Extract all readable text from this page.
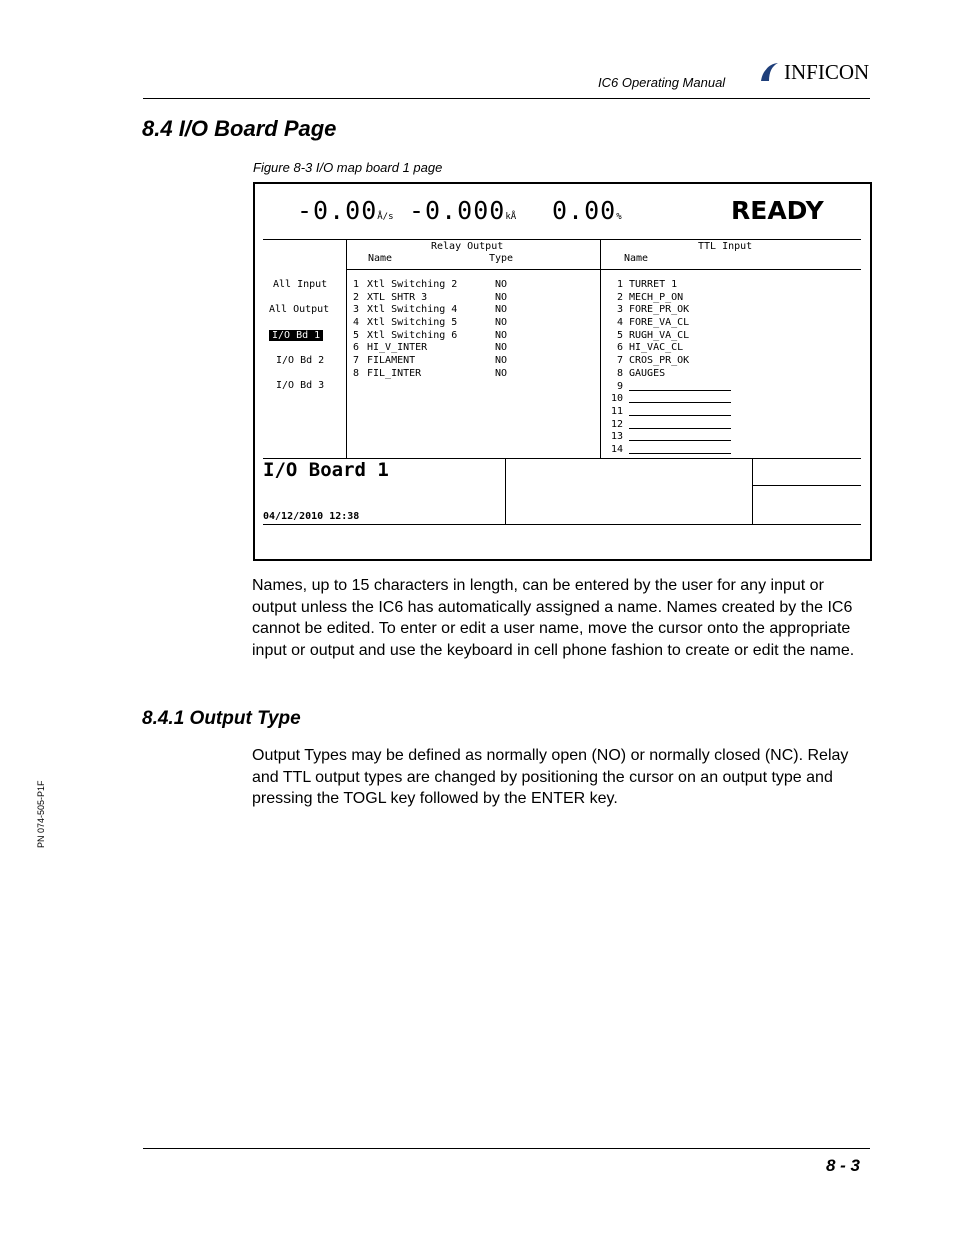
IC6 Operating Manual	INFICON
8.4 I/O Board Page
Figure 8-3 I/O map board 1 page
-0.00Å/s -0.000kÅ 0.00%	READY
All Input
All Output
I/O Bd 1
I/O Bd 2
I/O Bd 3
Relay Output
Name	Type
1 Xtl Switching 2	NO
2 XTL SHTR 3	NO
3 Xtl Switching 4	NO
4 Xtl Switching 5	NO
5 Xtl Switching 6	NO
6 HI_V_INTER	NO
7 FILAMENT	NO
8 FIL_INTER	NO
TTL Input
Name
1 TURRET 1
2 MECH_P_ON
3 FORE_PR_OK
4 FORE_VA_CL
5 RUGH_VA_CL
6 HI_VAC_CL
7 CROS_PR_OK
8 GAUGES
9
10
11
12
13
14
I/O Board 1
04/12/2010 12:38
Names, up to 15 characters in length, can be entered by the user for any input or output unless the IC6 has automatically assigned a name. Names created by the IC6 cannot be edited. To enter or edit a user name, move the cursor onto the appropriate input or output and use the keyboard in cell phone fashion to create or edit the name.
8.4.1 Output Type
Output Types may be defined as normally open (NO) or normally closed (NC). Relay and TTL output types are changed by positioning the cursor on an output type and pressing the TOGL key followed by the ENTER key.
PN 074-505-P1F
8 - 3
